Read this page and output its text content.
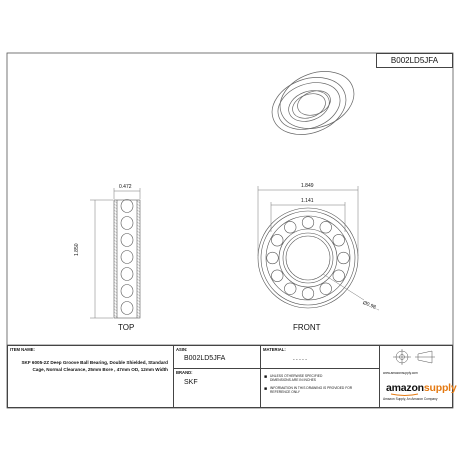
B002LD5JFA
TOP	FRONT
0.472
1.850
1.849
1.141
Ø0.98...
ITEM NAME:
SKF 6005-2Z Deep Groove Ball Bearing, Double Shielded, Standard
Cage, Normal Clearance, 25mm Bore , 47mm OD, 12mm Width
ASIN:
B002LD5JFA
BRAND:
SKF
MATERIAL:
- - - - -
■ UNLESS OTHERWISE SPECIFIED
DIMENSIONS ARE IN INCHES
■ INFORMATION IN THIS DRAWING IS PROVIDED FOR
REFERENCE ONLY	amazonsupply
www.amazonsupply.com
Amazon Supply, An Amazon Company
